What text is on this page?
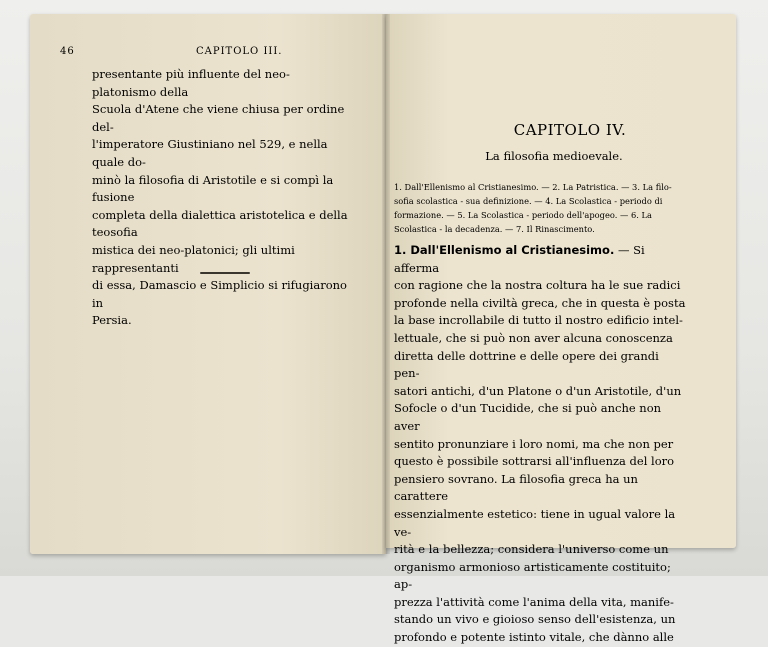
46	CAPITOLO III.

presentante più influente del neo-platonismo della

Scuola d'Atene che viene chiusa per ordine del-

l'imperatore Giustiniano nel 529, e nella quale do-

minò la filosofia di Aristotile e si compì la fusione

completa della dialettica aristotelica e della teosofia

mistica dei neo-platonici; gli ultimi rappresentanti

di essa, Damascio e Simplicio si rifugiarono in

Persia.

CAPITOLO IV.
La filosofia medioevale.

1. Dall'Ellenismo al Cristianesimo. — 2. La Patristica. — 3. La filo-

sofia scolastica - sua definizione. — 4. La Scolastica - periodo di

formazione. — 5. La Scolastica - periodo dell'apogeo. — 6. La

Scolastica - la decadenza. — 7. Il Rinascimento.

1. Dall'Ellenismo al Cristianesimo. — Si afferma

con ragione che la nostra coltura ha le sue radici

profonde nella civiltà greca, che in questa è posta

la base incrollabile di tutto il nostro edificio intel-

lettuale, che si può non aver alcuna conoscenza

diretta delle dottrine e delle opere dei grandi pen-

satori antichi, d'un Platone o d'un Aristotile, d'un

Sofocle o d'un Tucidide, che si può anche non aver

sentito pronunziare i loro nomi, ma che non per

questo è possibile sottrarsi all'influenza del loro

pensiero sovrano. La filosofia greca ha un carattere

essenzialmente estetico: tiene in ugual valore la ve-

rità e la bellezza; considera l'universo come un

organismo armonioso artisticamente costituito; ap-

prezza l'attività come l'anima della vita, manife-

stando un vivo e gioioso senso dell'esistenza, un

profondo e potente istinto vitale, che dànno alle
